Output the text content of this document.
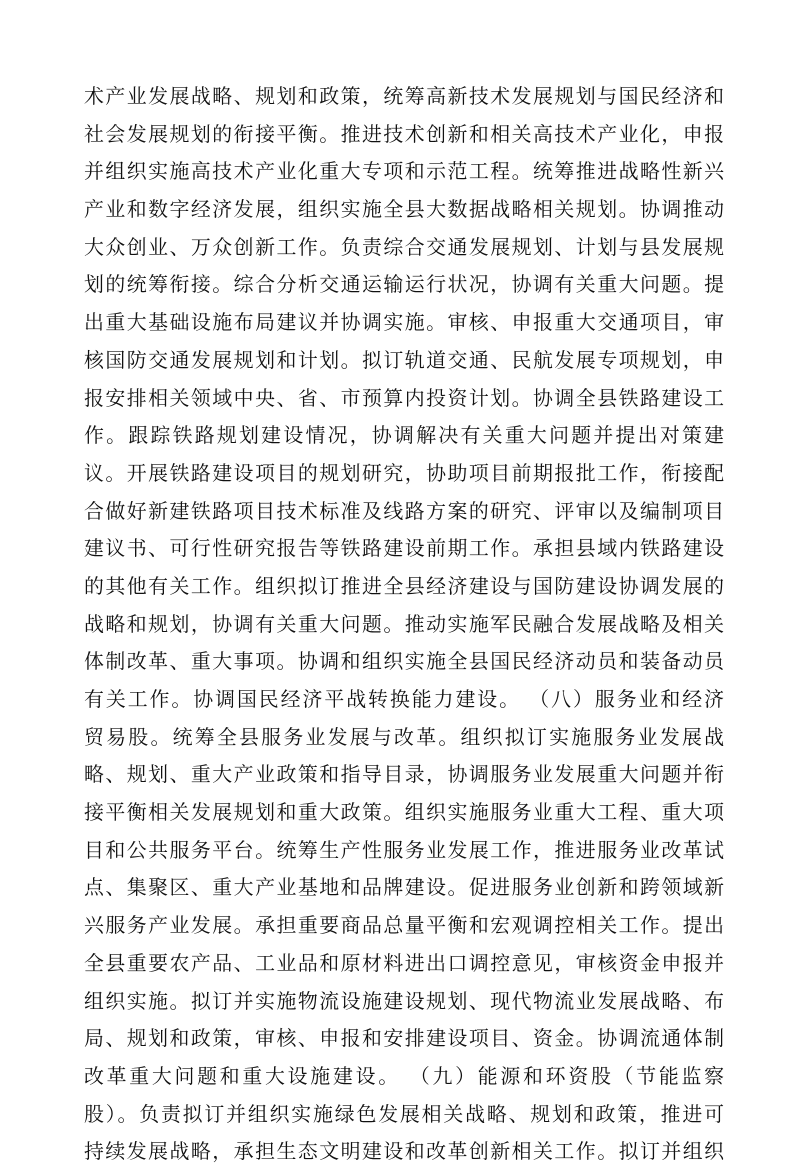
术产业发展战略、规划和政策，统筹高新技术发展规划与国民经济和
社会发展规划的衔接平衡。推进技术创新和相关高技术产业化，申报
并组织实施高技术产业化重大专项和示范工程。统筹推进战略性新兴
产业和数字经济发展，组织实施全县大数据战略相关规划。协调推动
大众创业、万众创新工作。负责综合交通发展规划、计划与县发展规
划的统筹衔接。综合分析交通运输运行状况，协调有关重大问题。提
出重大基础设施布局建议并协调实施。审核、申报重大交通项目，审
核国防交通发展规划和计划。拟订轨道交通、民航发展专项规划，申
报安排相关领域中央、省、市预算内投资计划。协调全县铁路建设工
作。跟踪铁路规划建设情况，协调解决有关重大问题并提出对策建
议。开展铁路建设项目的规划研究，协助项目前期报批工作，衔接配
合做好新建铁路项目技术标准及线路方案的研究、评审以及编制项目
建议书、可行性研究报告等铁路建设前期工作。承担县域内铁路建设
的其他有关工作。组织拟订推进全县经济建设与国防建设协调发展的
战略和规划，协调有关重大问题。推动实施军民融合发展战略及相关
体制改革、重大事项。协调和组织实施全县国民经济动员和装备动员
有关工作。协调国民经济平战转换能力建设。 （八）服务业和经济
贸易股。统筹全县服务业发展与改革。组织拟订实施服务业发展战
略、规划、重大产业政策和指导目录，协调服务业发展重大问题并衔
接平衡相关发展规划和重大政策。组织实施服务业重大工程、重大项
目和公共服务平台。统筹生产性服务业发展工作，推进服务业改革试
点、集聚区、重大产业基地和品牌建设。促进服务业创新和跨领域新
兴服务产业发展。承担重要商品总量平衡和宏观调控相关工作。提出
全县重要农产品、工业品和原材料进出口调控意见，审核资金申报并
组织实施。拟订并实施物流设施建设规划、现代物流业发展战略、布
局、规划和政策，审核、申报和安排建设项目、资金。协调流通体制
改革重大问题和重大设施建设。 （九）能源和环资股（节能监察
股）。负责拟订并组织实施绿色发展相关战略、规划和政策，推进可
持续发展战略，承担生态文明建设和改革创新相关工作。拟订并组织
